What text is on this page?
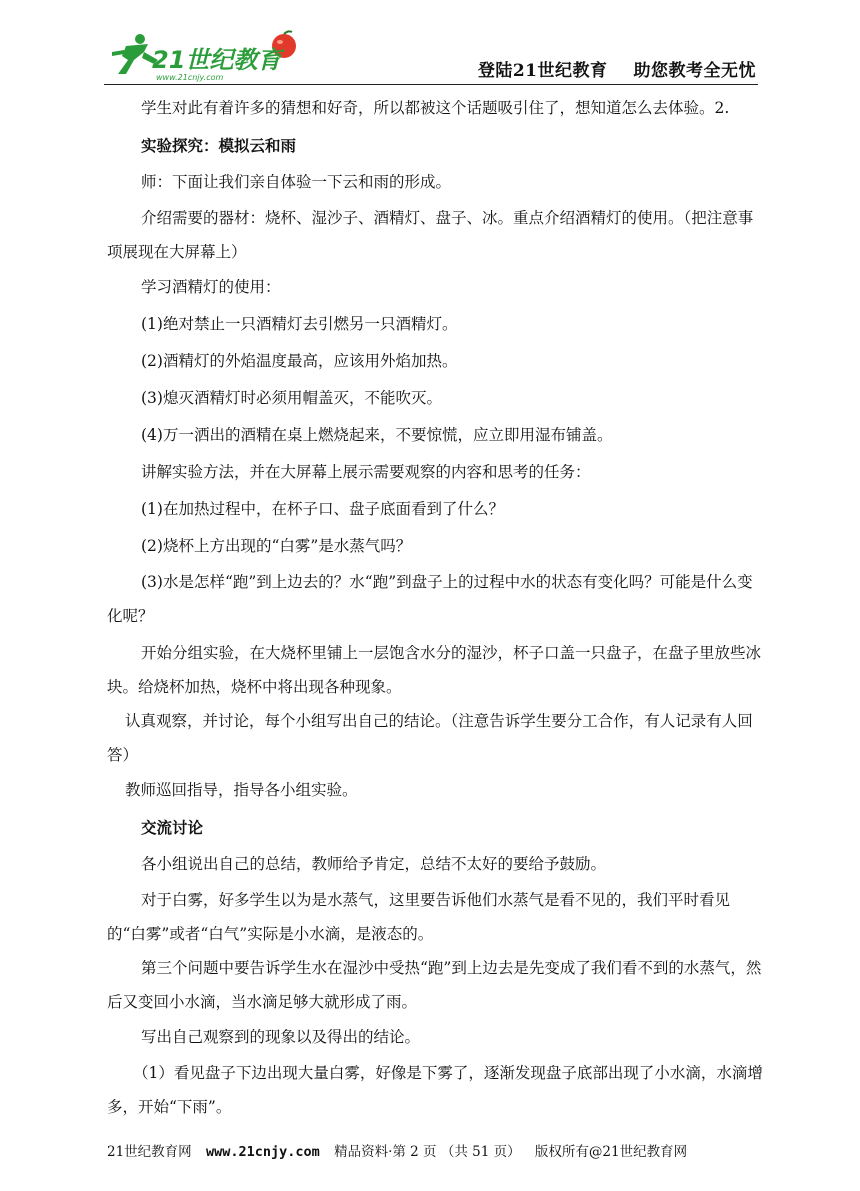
21世纪教育
www.21cnjy.com	登陆21世纪教育 助您教考全无忧

学生对此有着许多的猜想和好奇，所以都被这个话题吸引住了，想知道怎么去体验。2.

实验探究：模拟云和雨

师：下面让我们亲自体验一下云和雨的形成。

介绍需要的器材：烧杯、湿沙子、酒精灯、盘子、冰。重点介绍酒精灯的使用。（把注意事项展现在大屏幕上）

学习酒精灯的使用：

(1)绝对禁止一只酒精灯去引燃另一只酒精灯。

(2)酒精灯的外焰温度最高，应该用外焰加热。

(3)熄灭酒精灯时必须用帽盖灭，不能吹灭。

(4)万一洒出的酒精在桌上燃烧起来，不要惊慌，应立即用湿布铺盖。

讲解实验方法，并在大屏幕上展示需要观察的内容和思考的任务：

(1)在加热过程中，在杯子口、盘子底面看到了什么？

(2)烧杯上方出现的“白雾”是水蒸气吗？

(3)水是怎样“跑”到上边去的？水“跑”到盘子上的过程中水的状态有变化吗？可能是什么变化呢？

开始分组实验，在大烧杯里铺上一层饱含水分的湿沙，杯子口盖一只盘子，在盘子里放些冰块。给烧杯加热，烧杯中将出现各种现象。

认真观察，并讨论，每个小组写出自己的结论。（注意告诉学生要分工合作，有人记录有人回答）

教师巡回指导，指导各小组实验。

交流讨论

各小组说出自己的总结，教师给予肯定，总结不太好的要给予鼓励。

对于白雾，好多学生以为是水蒸气，这里要告诉他们水蒸气是看不见的，我们平时看见的“白雾”或者“白气”实际是小水滴，是液态的。

第三个问题中要告诉学生水在湿沙中受热“跑”到上边去是先变成了我们看不到的水蒸气，然后又变回小水滴，当水滴足够大就形成了雨。

写出自己观察到的现象以及得出的结论。

（1）看见盘子下边出现大量白雾，好像是下雾了，逐渐发现盘子底部出现了小水滴，水滴增多，开始“下雨”。

21世纪教育网 www.21cnjy.com 精品资料·第 2 页 （共 51 页） 版权所有@21世纪教育网
